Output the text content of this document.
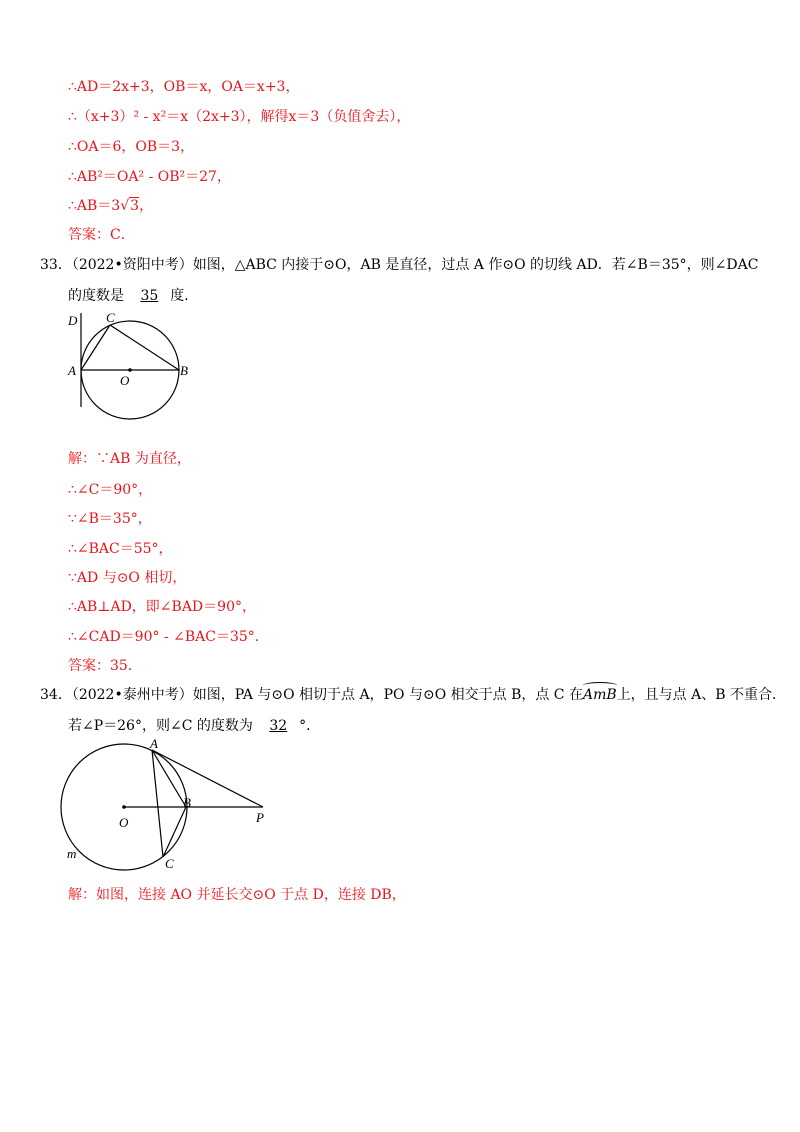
∴AD＝2x+3，OB＝x，OA＝x+3，
∴（x+3）² - x²＝x（2x+3），解得x＝3（负值舍去），
∴OA＝6，OB＝3，
∴AB²＝OA² - OB²＝27，
∴AB＝3√3，
答案：C．
33．（2022•资阳中考）如图，△ABC 内接于⊙O，AB 是直径，过点 A 作⊙O 的切线 AD．若∠B＝35°，则∠DAC
的度数是 35 度．
D C
A
O
B
解：∵AB 为直径，
∴∠C＝90°，
∵∠B＝35°，
∴∠BAC＝55°，
∵AD 与⊙O 相切，
∴AB⊥AD，即∠BAD＝90°，
∴∠CAD＝90° - ∠BAC＝35°．
答案：35．
34．（2022•泰州中考）如图，PA 与⊙O 相切于点 A，PO 与⊙O 相交于点 B，点 C 在AmB上，且与点 A、B 不重合．
若∠P＝26°，则∠C 的度数为 32 °．
A
B
O	P
C
m
解：如图，连接 AO 并延长交⊙O 于点 D，连接 DB，
